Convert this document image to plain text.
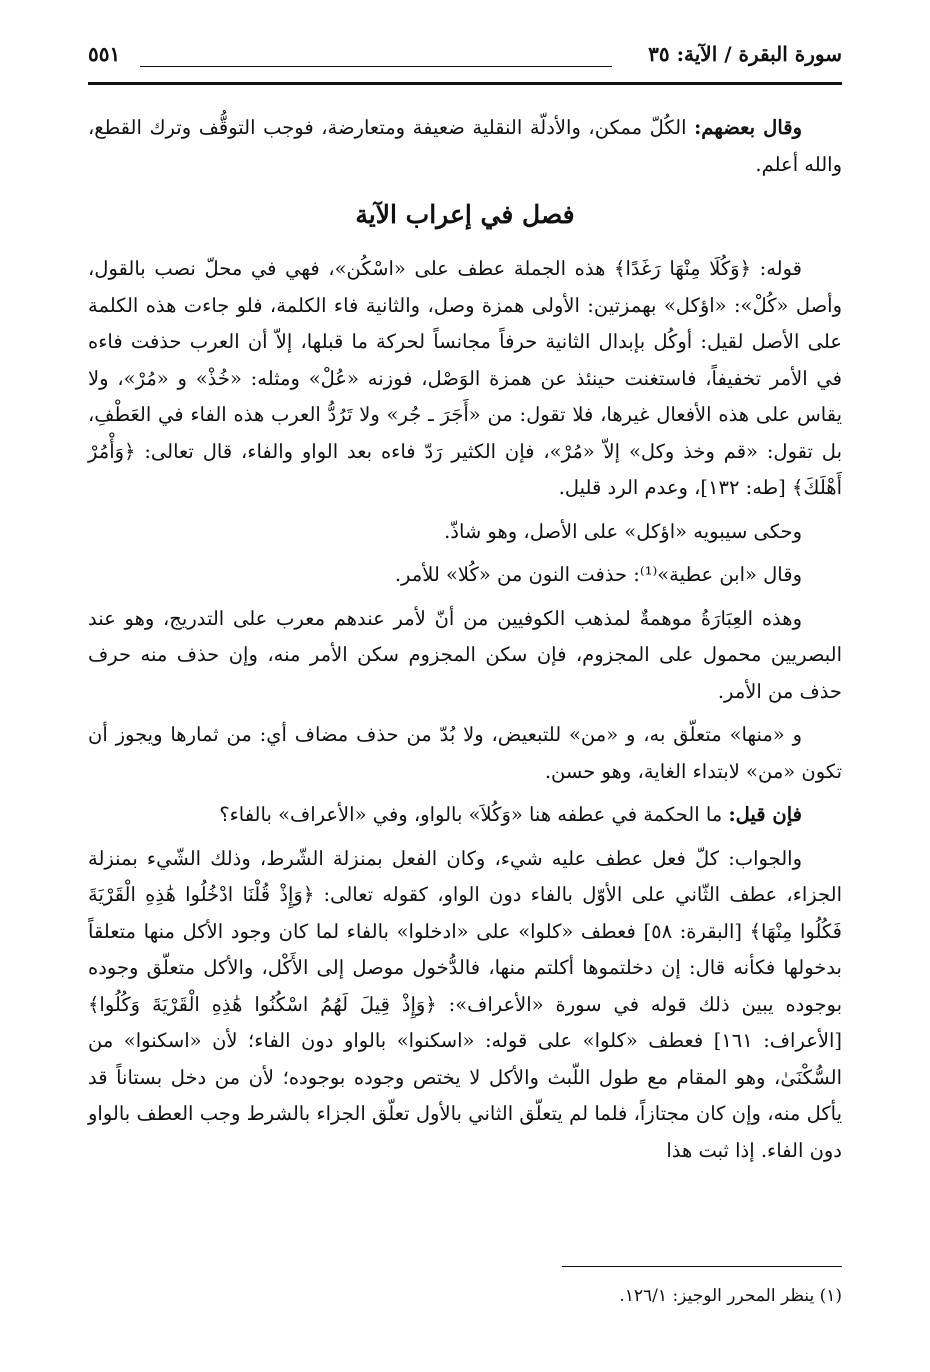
سورة البقرة / الآية: ٣٥
٥٥١

وقال بعضهم: الكُلّ ممكن، والأدلّة النقلية ضعيفة ومتعارضة، فوجب التوقُّف وترك القطع، والله أعلم.

فصل في إعراب الآية

قوله: ﴿وَكُلَا مِنْهَا رَغَدًا﴾ هذه الجملة عطف على «اسْكُن»، فهي في محلّ نصب بالقول، وأصل «كُلْ»: «اؤكل» بهمزتين: الأولى همزة وصل، والثانية فاء الكلمة، فلو جاءت هذه الكلمة على الأصل لقيل: أوكُل بإبدال الثانية حرفاً مجانساً لحركة ما قبلها، إلاّ أن العرب حذفت فاءه في الأمر تخفيفاً، فاستغنت حينئذ عن همزة الوَصْل، فوزنه «عُلْ» ومثله: «خُذْ» و «مُرْ»، ولا يقاس على هذه الأفعال غيرها، فلا تقول: من «أَجَرَ ـ جُر» ولا تَرُدُّ العرب هذه الفاء في العَطْفِ، بل تقول: «قم وخذ وكل» إلاّ «مُرْ»، فإن الكثير رَدّ فاءه بعد الواو والفاء، قال تعالى: ﴿وَأْمُرْ أَهْلَكَ﴾ [طه: ١٣٢]، وعدم الرد قليل.

وحكى سيبويه «اؤكل» على الأصل، وهو شاذّ.

وقال «ابن عطية»⁽¹⁾: حذفت النون من «كُلا» للأمر.

وهذه العِبَارَةُ موهمةٌ لمذهب الكوفيين من أنّ لأمر عندهم معرب على التدريج، وهو عند البصريين محمول على المجزوم، فإن سكن المجزوم سكن الأمر منه، وإن حذف منه حرف حذف من الأمر.

و «منها» متعلّق به، و «من» للتبعيض، ولا بُدّ من حذف مضاف أي: من ثمارها ويجوز أن تكون «من» لابتداء الغاية، وهو حسن.

فإن قيل: ما الحكمة في عطفه هنا «وَكُلاَ» بالواو، وفي «الأعراف» بالفاء؟

والجواب: كلّ فعل عطف عليه شيء، وكان الفعل بمنزلة الشّرط، وذلك الشّيء بمنزلة الجزاء، عطف الثّاني على الأوّل بالفاء دون الواو، كقوله تعالى: ﴿وَإِذْ قُلْنَا ادْخُلُوا هَٰذِهِ الْقَرْيَةَ فَكُلُوا مِنْهَا﴾ [البقرة: ٥٨] فعطف «كلوا» على «ادخلوا» بالفاء لما كان وجود الأكل منها متعلقاً بدخولها فكأنه قال: إن دخلتموها أكلتم منها، فالدُّخول موصل إلى الأَكْل، والأكل متعلّق وجوده بوجوده يبين ذلك قوله في سورة «الأعراف»: ﴿وَإِذْ قِيلَ لَهُمُ اسْكُنُوا هَٰذِهِ الْقَرْيَةَ وَكُلُوا﴾ [الأعراف: ١٦١] فعطف «كلوا» على قوله: «اسكنوا» بالواو دون الفاء؛ لأن «اسكنوا» من السُّكْنَىٰ، وهو المقام مع طول اللّبث والأكل لا يختص وجوده بوجوده؛ لأن من دخل بستاناً قد يأكل منه، وإن كان مجتازاً، فلما لم يتعلّق الثاني بالأول تعلّق الجزاء بالشرط وجب العطف بالواو دون الفاء. إذا ثبت هذا

(١) ينظر المحرر الوجيز: ١٢٦/١.
